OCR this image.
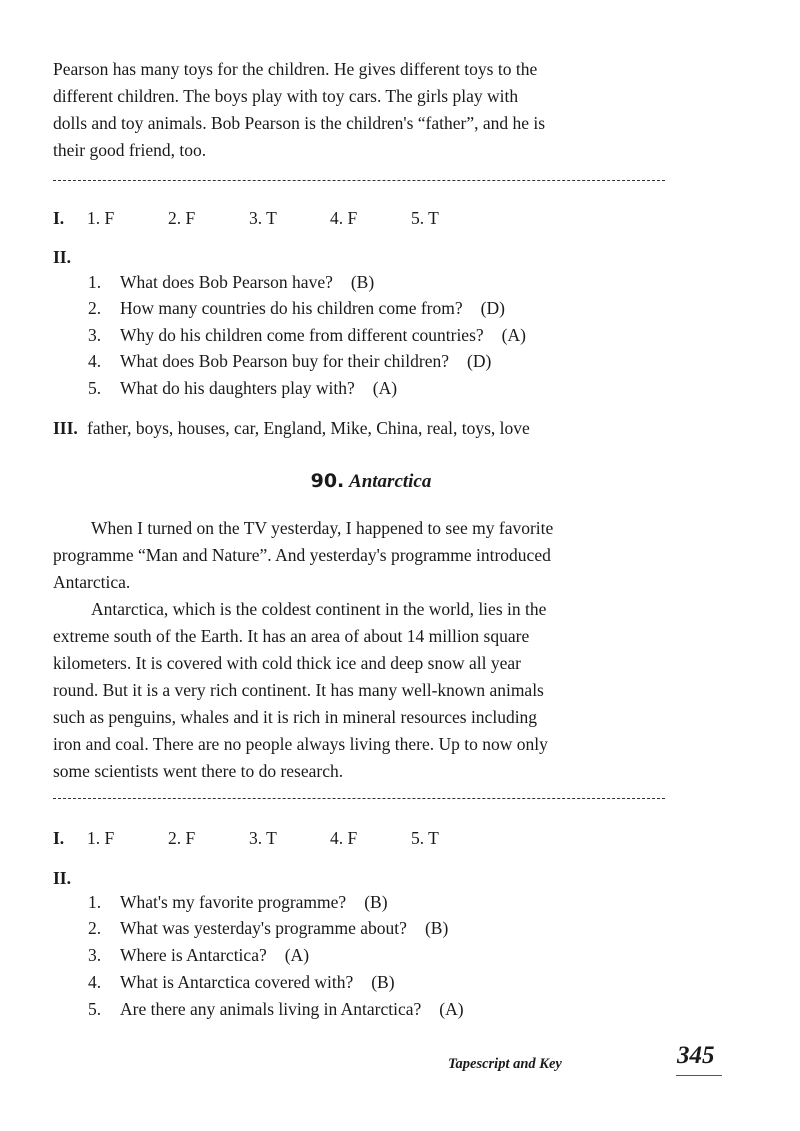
Pearson has many toys for the children. He gives different toys to the
different children. The boys play with toy cars. The girls play with
dolls and toy animals. Bob Pearson is the children's “father”, and he is
their good friend, too.

I. 1. F	2. F	3. T	4. F	5. T
II.
1. What does Bob Pearson have? (B)
2. How many countries do his children come from? (D)
3. Why do his children come from different countries? (A)
4. What does Bob Pearson buy for their children? (D)
5. What do his daughters play with? (A)
III. father, boys, houses, car, England, Mike, China, real, toys, love
90. Antarctica

When I turned on the TV yesterday, I happened to see my favorite
programme “Man and Nature”. And yesterday's programme introduced
Antarctica.

Antarctica, which is the coldest continent in the world, lies in the
extreme south of the Earth. It has an area of about 14 million square
kilometers. It is covered with cold thick ice and deep snow all year
round. But it is a very rich continent. It has many well-known animals
such as penguins, whales and it is rich in mineral resources including
iron and coal. There are no people always living there. Up to now only
some scientists went there to do research.

I. 1. F	2. F	3. T	4. F	5. T
II.
1. What's my favorite programme? (B)
2. What was yesterday's programme about? (B)
3. Where is Antarctica? (A)
4. What is Antarctica covered with? (B)
5. Are there any animals living in Antarctica? (A)
Tapescript and Key	345
